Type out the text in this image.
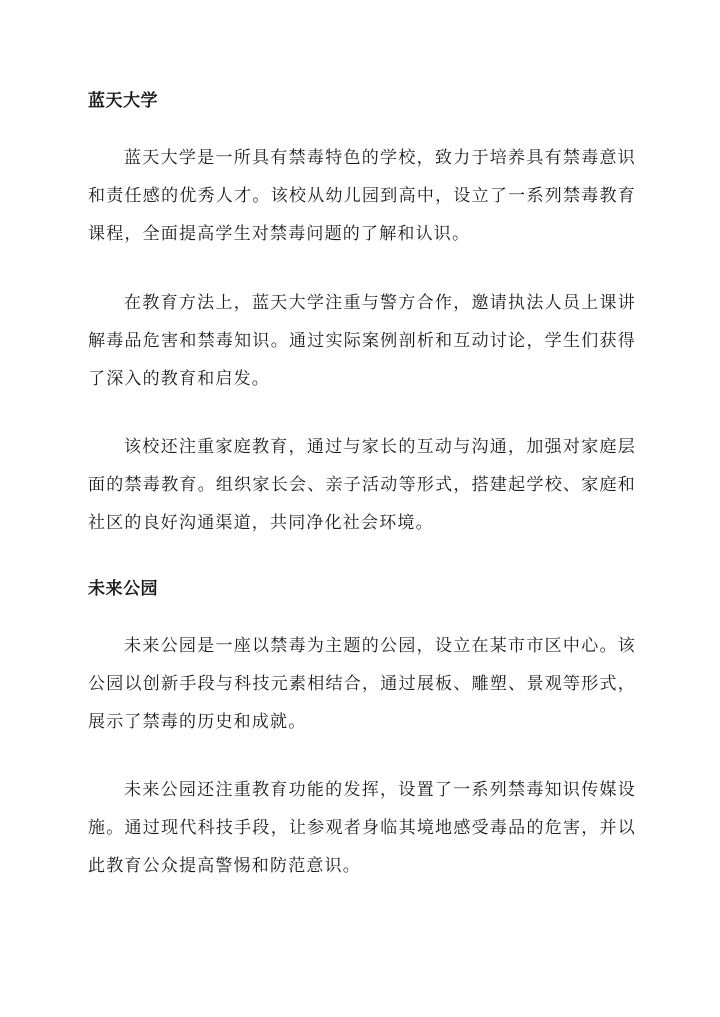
蓝天大学

蓝天大学是一所具有禁毒特色的学校，致力于培养具有禁毒意识和责任感的优秀人才。该校从幼儿园到高中，设立了一系列禁毒教育课程，全面提高学生对禁毒问题的了解和认识。

在教育方法上，蓝天大学注重与警方合作，邀请执法人员上课讲解毒品危害和禁毒知识。通过实际案例剖析和互动讨论，学生们获得了深入的教育和启发。

该校还注重家庭教育，通过与家长的互动与沟通，加强对家庭层面的禁毒教育。组织家长会、亲子活动等形式，搭建起学校、家庭和社区的良好沟通渠道，共同净化社会环境。

未来公园

未来公园是一座以禁毒为主题的公园，设立在某市市区中心。该公园以创新手段与科技元素相结合，通过展板、雕塑、景观等形式，展示了禁毒的历史和成就。

未来公园还注重教育功能的发挥，设置了一系列禁毒知识传媒设施。通过现代科技手段，让参观者身临其境地感受毒品的危害，并以此教育公众提高警惕和防范意识。
